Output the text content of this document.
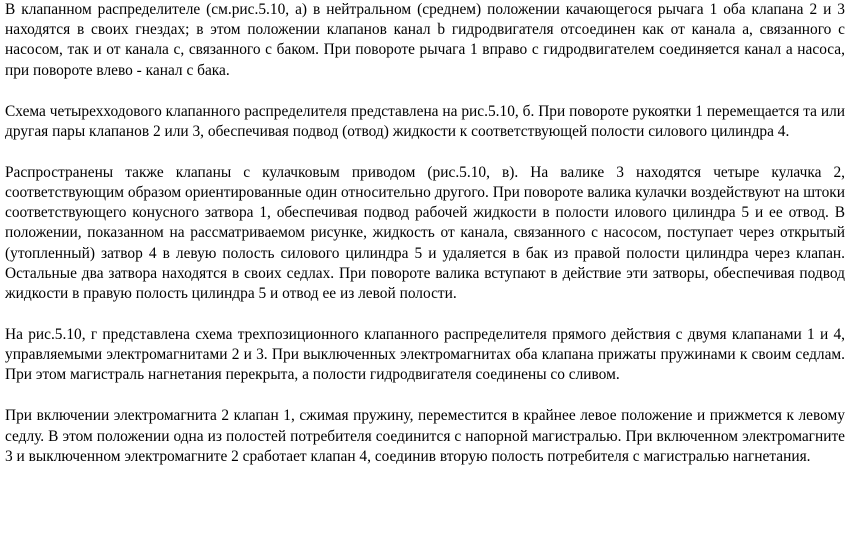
В клапанном распределителе (см.рис.5.10, а) в нейтральном (среднем) положении качающегося рычага 1 оба клапана 2 и 3 находятся в своих гнездах; в этом положении клапанов канал b гидродвигателя отсоединен как от канала а, связанного с насосом, так и от канала с, связанного с баком. При повороте рычага 1 вправо с гидродвигателем соединяется канал а насоса, при повороте влево - канал с бака.

Схема четырехходового клапанного распределителя представлена на рис.5.10, б. При повороте рукоятки 1 перемещается та или другая пары клапанов 2 или 3, обеспечивая подвод (отвод) жидкости к соответствующей полости силового цилиндра 4.

Распространены также клапаны с кулачковым приводом (рис.5.10, в). На валике 3 находятся четыре кулачка 2, соответствующим образом ориентированные один относительно другого. При повороте валика кулачки воздействуют на штоки соответствующего конусного затвора 1, обеспечивая подвод рабочей жидкости в полости илового цилиндра 5 и ее отвод. В положении, показанном на рассматриваемом рисунке, жидкость от канала, связанного с насосом, поступает через открытый (утопленный) затвор 4 в левую полость силового цилиндра 5 и удаляется в бак из правой полости цилиндра через клапан. Остальные два затвора находятся в своих седлах. При повороте валика вступают в действие эти затворы, обеспечивая подвод жидкости в правую полость цилиндра 5 и отвод ее из левой полости.

На рис.5.10, г представлена схема трехпозиционного клапанного распределителя прямого действия с двумя клапанами 1 и 4, управляемыми электромагнитами 2 и 3. При выключенных электромагнитах оба клапана прижаты пружинами к своим седлам. При этом магистраль нагнетания перекрыта, а полости гидродвигателя соединены со сливом.

При включении электромагнита 2 клапан 1, сжимая пружину, переместится в крайнее левое положение и прижмется к левому седлу. В этом положении одна из полостей потребителя соединится с напорной магистралью. При включенном электромагните 3 и выключенном электромагните 2 сработает клапан 4, соединив вторую полость потребителя с магистралью нагнетания.
